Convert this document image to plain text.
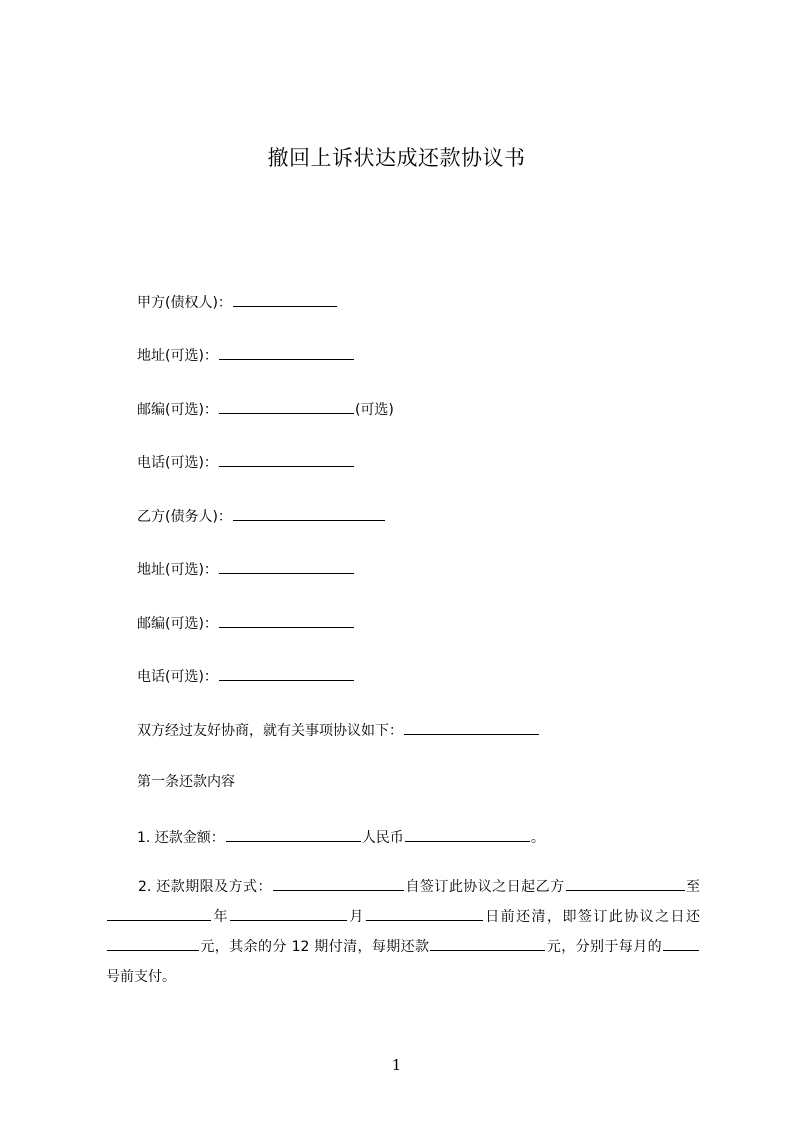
撤回上诉状达成还款协议书
甲方(债权人)：
地址(可选)：
邮编(可选)：	(可选)
电话(可选)：
乙方(债务人)：
地址(可选)：
邮编(可选)：
电话(可选)：
双方经过友好协商，就有关事项协议如下：
第一条还款内容
1. 还款金额：	人民币	。
2. 还款期限及方式：	自签订此协议之日起乙方	至年	月	日前还清，即签订此协议之日还元，其余的分 12 期付清，每期还款	元，分别于每月的号前支付。
1
